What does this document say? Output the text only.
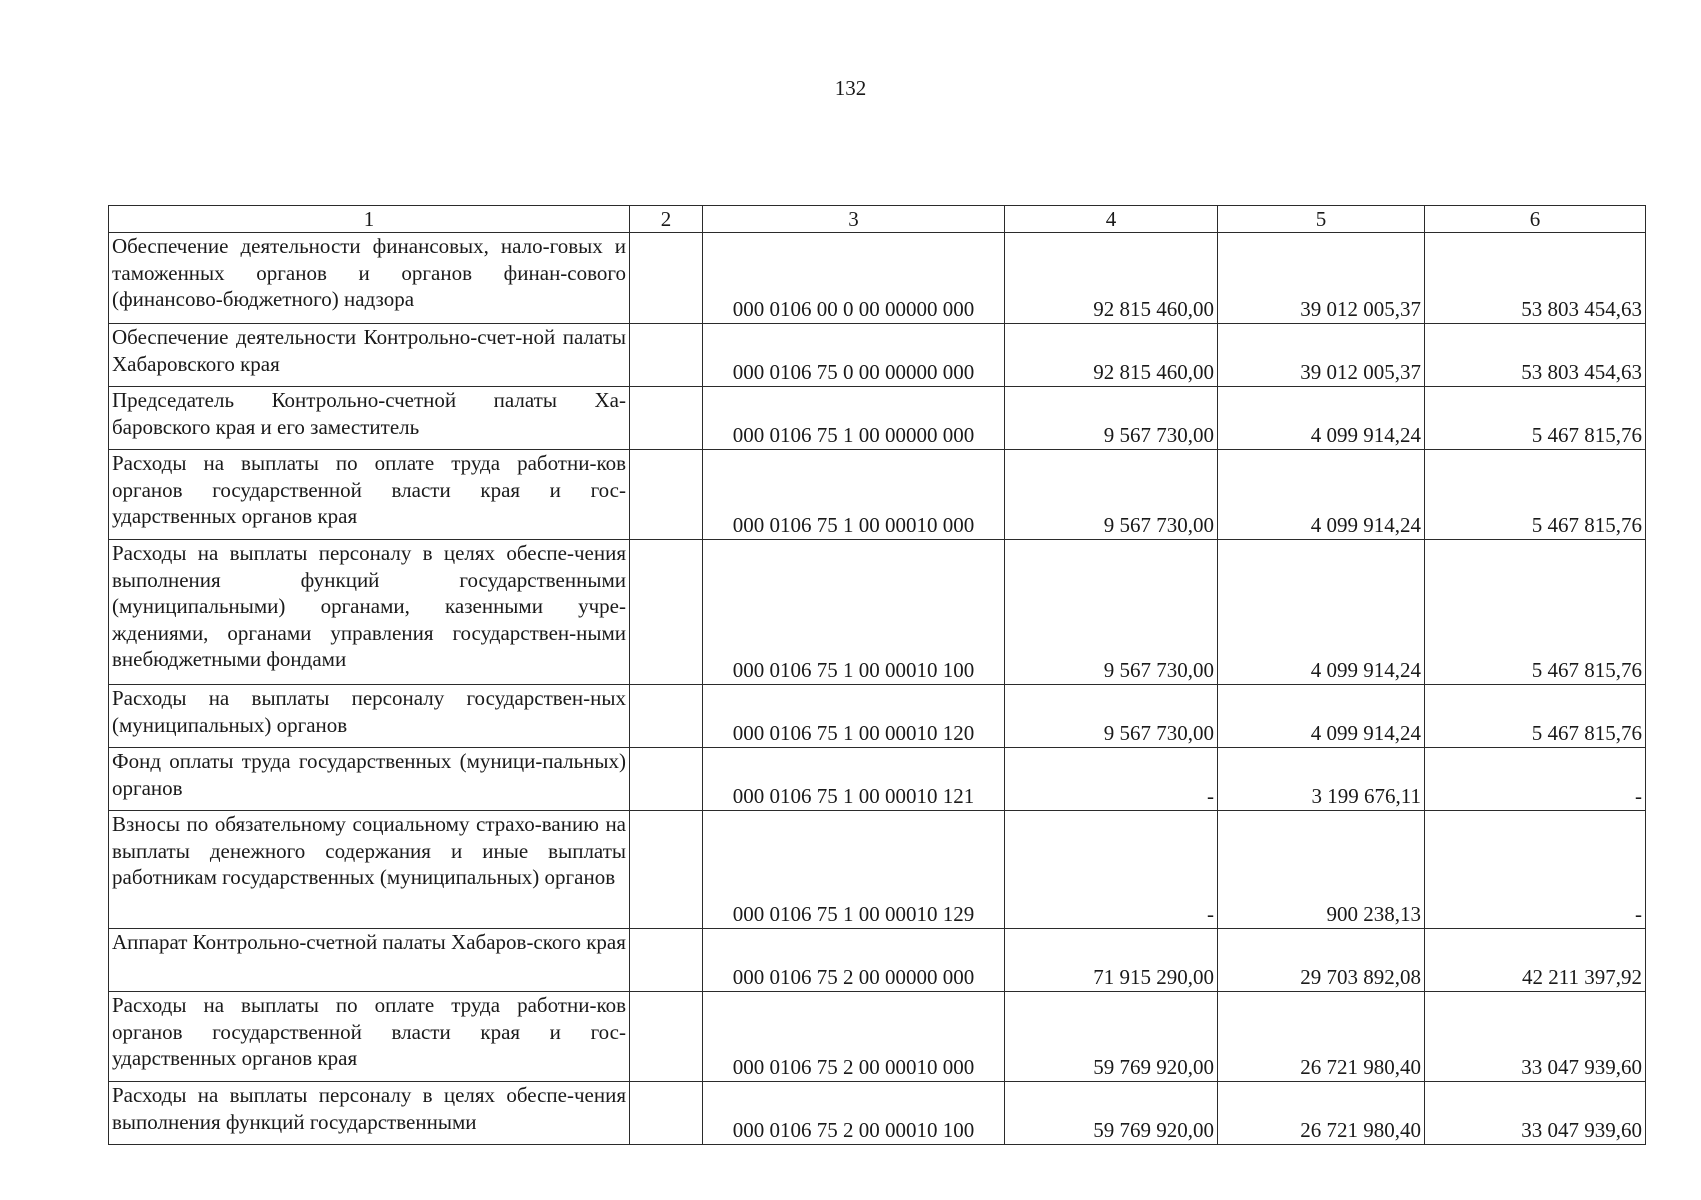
132
1	2	3	4	5	6
Обеспечение деятельности финансовых, нало-говых и таможенных органов и органов финан-сового (финансово-бюджетного) надзора		000 0106 00 0 00 00000 000	92 815 460,00	39 012 005,37	53 803 454,63
Обеспечение деятельности Контрольно-счет-ной палаты Хабаровского края		000 0106 75 0 00 00000 000	92 815 460,00	39 012 005,37	53 803 454,63
Председатель Контрольно-счетной палаты Ха-баровского края и его заместитель		000 0106 75 1 00 00000 000	9 567 730,00	4 099 914,24	5 467 815,76
Расходы на выплаты по оплате труда работни-ков органов государственной власти края и гос-ударственных органов края		000 0106 75 1 00 00010 000	9 567 730,00	4 099 914,24	5 467 815,76
Расходы на выплаты персоналу в целях обеспе-чения выполнения функций государственными (муниципальными) органами, казенными учре-ждениями, органами управления государствен-ными внебюджетными фондами		000 0106 75 1 00 00010 100	9 567 730,00	4 099 914,24	5 467 815,76
Расходы на выплаты персоналу государствен-ных (муниципальных) органов		000 0106 75 1 00 00010 120	9 567 730,00	4 099 914,24	5 467 815,76
Фонд оплаты труда государственных (муници-пальных) органов		000 0106 75 1 00 00010 121	-	3 199 676,11	-
Взносы по обязательному социальному страхо-ванию на выплаты денежного содержания и иные выплаты работникам государственных (муниципальных) органов		000 0106 75 1 00 00010 129	-	900 238,13	-
Аппарат Контрольно-счетной палаты Хабаров-ского края		000 0106 75 2 00 00000 000	71 915 290,00	29 703 892,08	42 211 397,92
Расходы на выплаты по оплате труда работни-ков органов государственной власти края и гос-ударственных органов края		000 0106 75 2 00 00010 000	59 769 920,00	26 721 980,40	33 047 939,60
Расходы на выплаты персоналу в целях обеспе-чения выполнения функций государственными		000 0106 75 2 00 00010 100	59 769 920,00	26 721 980,40	33 047 939,60
